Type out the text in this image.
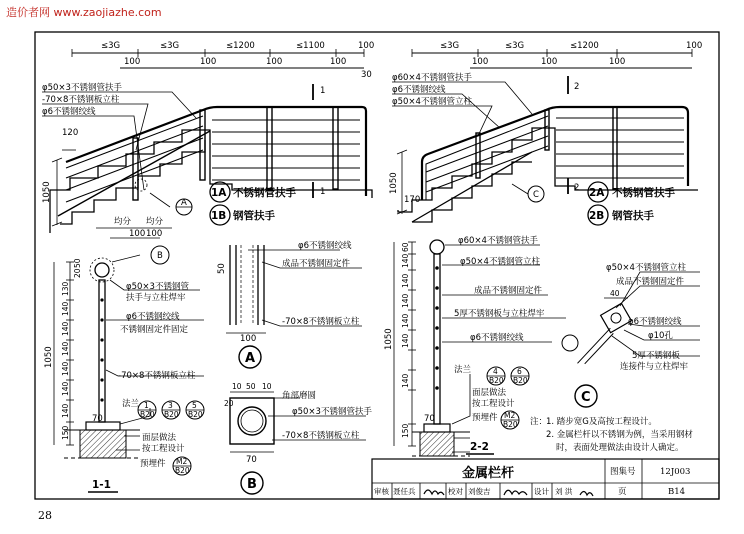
造价者网 www.zaojiazhe.com
28
≤3G	≤3G	≤1200	≤1100	100
100	100	100	100
30
φ50×3不锈钢管扶手
-70×8不锈钢板立柱
φ6不锈钢绞线
120
1050
均分 均分
100 100
1
1
A
1A 不锈钢管扶手
1B 钢管扶手
≤3G	≤3G	≤1200	100
100	100	100
φ60×4不锈钢管扶手
φ6不锈钢绞线
φ50×4不锈钢管立柱
1050
170
2
2
C	2A 不锈钢管扶手
2B 钢管扶手
B
φ50×3不锈钢管
扶手与立柱焊牢
φ6不锈钢绞线
不锈钢固定件固定
-70×8不锈钢板立柱
50
20
130
140
140
140
140
140
140
150
1050
70
法兰
面层做法
按工程设计
预埋件
1
B20
3
B20
5
B20
M2
B20
1-1
φ6不锈钢绞线
成品不锈钢固定件
-70×8不锈钢板立柱
50
100
A
10 50 10
20
70
角部磨圆
φ50×3不锈钢管扶手
-70×8不锈钢板立柱
B
φ60×4不锈钢管扶手
φ50×4不锈钢管立柱
成品不锈钢固定件
5厚不锈钢板与立柱焊牢
φ6不锈钢绞线
60
140
140
140
140
140
140
150
1050
70
法兰
面层做法
按工程设计
预埋件
4
B20
6
B20
M2
B20
2-2
φ50×4不锈钢管立柱
成品不锈钢固定件
φ6不锈钢绞线
φ10孔
5厚不锈钢板
连接件与立柱焊牢
40
C
注：
1. 踏步宽G及高按工程设计。
2. 金属栏杆以不锈钢为例，当采用钢材
时，表面处理做法由设计人确定。
金属栏杆	图集号	12J003
页	B14
审核 聂任兵	校对 刘俊吉	设计 刘 洪
